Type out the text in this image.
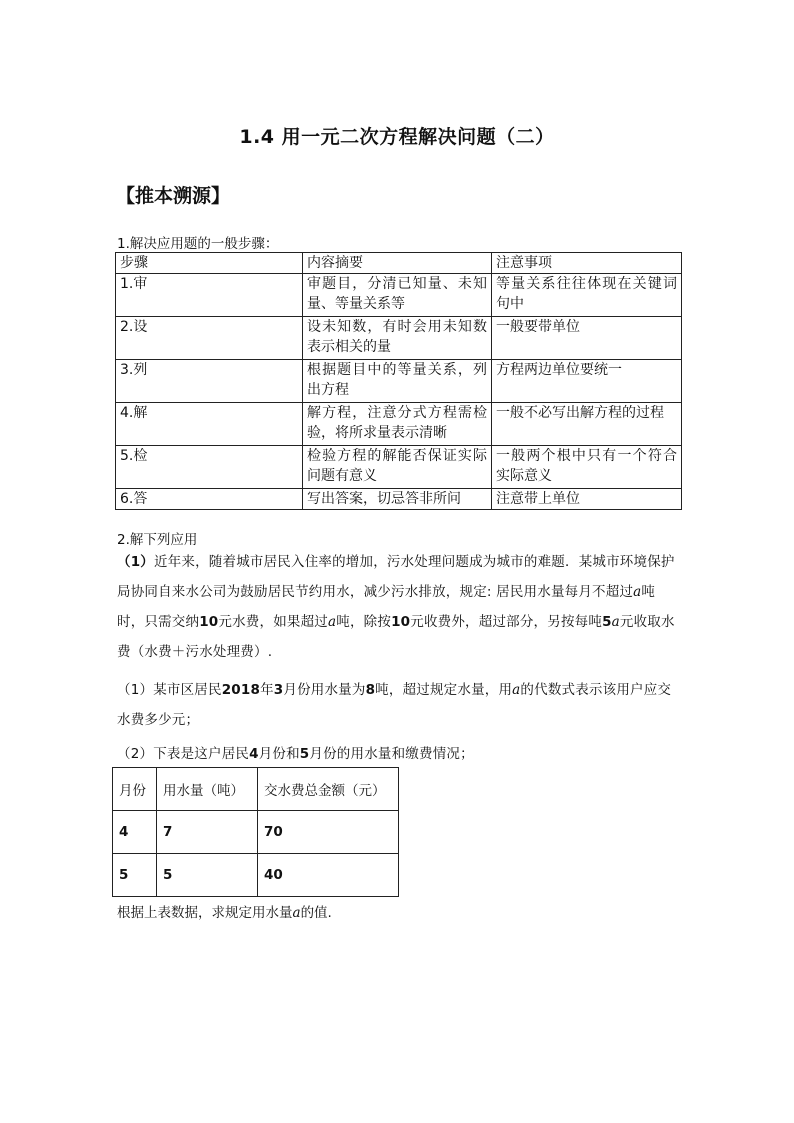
1.4 用一元二次方程解决问题（二）
【推本溯源】
1.解决应用题的一般步骤：
步骤	内容摘要	注意事项
1.审	审题目，分清已知量、未知量、等量关系等	等量关系往往体现在关键词句中
2.设	设未知数，有时会用未知数表示相关的量	一般要带单位
3.列	根据题目中的等量关系，列出方程	方程两边单位要统一
4.解	解方程，注意分式方程需检验，将所求量表示清晰	一般不必写出解方程的过程
5.检	检验方程的解能否保证实际问题有意义	一般两个根中只有一个符合实际意义
6.答	写出答案，切忌答非所问	注意带上单位
2.解下列应用
（1）近年来，随着城市居民入住率的增加，污水处理问题成为城市的难题．某城市环境保护局协同自来水公司为鼓励居民节约用水，减少污水排放，规定: 居民用水量每月不超过a吨时，只需交纳10元水费，如果超过a吨，除按10元收费外，超过部分，另按每吨5a元收取水费（水费＋污水处理费）.
（1）某市区居民2018年3月份用水量为8吨，超过规定水量，用a的代数式表示该用户应交水费多少元；
（2）下表是这户居民4月份和5月份的用水量和缴费情况；
月份	用水量（吨）	交水费总金额（元）
4	7	70
5	5	40
根据上表数据，求规定用水量a的值.
